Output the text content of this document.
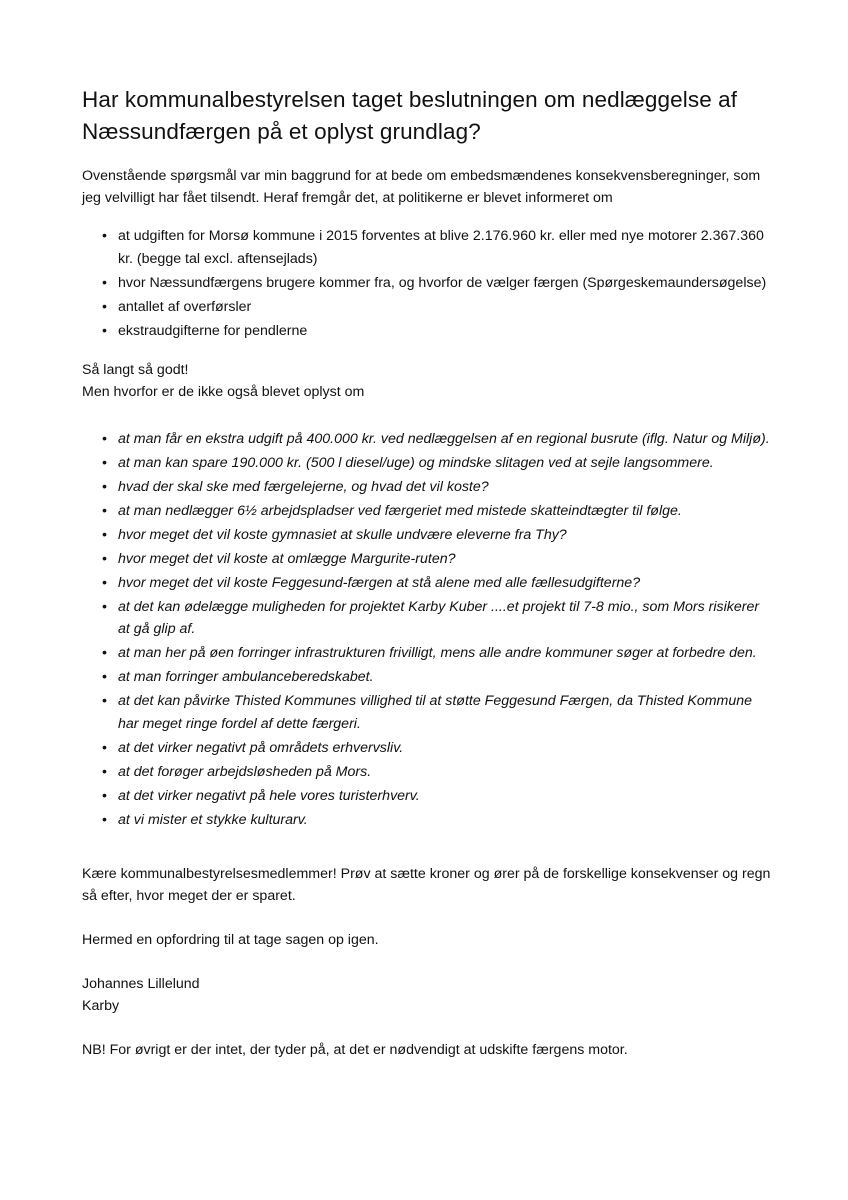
Har kommunalbestyrelsen taget beslutningen om nedlæggelse af Næssundfærgen på et oplyst grundlag?

Ovenstående spørgsmål var min baggrund for at bede om embedsmændenes konsekvensberegninger, som jeg velvilligt har fået tilsendt. Heraf fremgår det, at politikerne er blevet informeret om

• at udgiften for Morsø kommune i 2015 forventes at blive 2.176.960 kr. eller med nye motorer 2.367.360 kr. (begge tal excl. aftensejlads)
• hvor Næssundfærgens brugere kommer fra, og hvorfor de vælger færgen (Spørgeskemaundersøgelse)
• antallet af overførsler
• ekstraudgifterne for pendlerne

Så langt så godt!

Men hvorfor er de ikke også blevet oplyst om

• at man får en ekstra udgift på 400.000 kr. ved nedlæggelsen af en regional busrute (iflg. Natur og Miljø).
• at man kan spare 190.000 kr. (500 l diesel/uge) og mindske slitagen ved at sejle langsommere.
• hvad der skal ske med færgelejerne, og hvad det vil koste?
• at man nedlægger 6½ arbejdspladser ved færgeriet med mistede skatteindtægter til følge.
• hvor meget det vil koste gymnasiet at skulle undvære eleverne fra Thy?
• hvor meget det vil koste at omlægge Margurite-ruten?
• hvor meget det vil koste Feggesund-færgen at stå alene med alle fællesudgifterne?
• at det kan ødelægge muligheden for projektet Karby Kuber ....et projekt til 7-8 mio., som Mors risikerer at gå glip af.
• at man her på øen forringer infrastrukturen frivilligt, mens alle andre kommuner søger at forbedre den.
• at man forringer ambulanceberedskabet.
• at det kan påvirke Thisted Kommunes villighed til at støtte Feggesund Færgen, da Thisted Kommune har meget ringe fordel af dette færgeri.
• at det virker negativt på områdets erhvervsliv.
• at det forøger arbejdsløsheden på Mors.
• at det virker negativt på hele vores turisterhverv.
• at vi mister et stykke kulturarv.

Kære kommunalbestyrelsesmedlemmer! Prøv at sætte kroner og ører på de forskellige konsekvenser og regn så efter, hvor meget der er sparet.

Hermed en opfordring til at tage sagen op igen.

Johannes Lillelund

Karby

NB! For øvrigt er der intet, der tyder på, at det er nødvendigt at udskifte færgens motor.
